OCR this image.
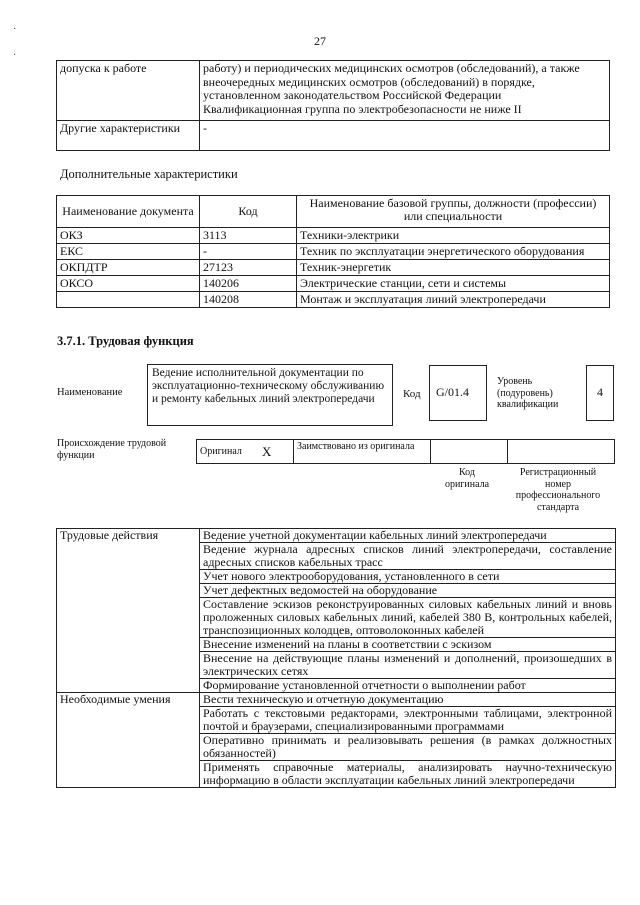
27
·
·
допуска к работе	работу) и периодических медицинских осмотров (обследований), а также внеочередных медицинских осмотров (обследований) в порядке, установленном законодательством Российской Федерации
Квалификационная группа по электробезопасности не ниже II
Другие характеристики	-
Дополнительные характеристики
Наименование документа	Код	Наименование базовой группы, должности (профессии) или специальности
ОКЗ	3113	Техники-электрики
ЕКС	-	Техник по эксплуатации энергетического оборудования
ОКПДТР	27123	Техник-энергетик
ОКСО	140206	Электрические станции, сети и системы
	140208	Монтаж и эксплуатация линий электропередачи
3.7.1. Трудовая функция
Наименование
Ведение исполнительной документации по эксплуатационно-техническому обслуживанию и ремонту кабельных линий электропередачи	Код	G/01.4
Уровень (подуровень) квалификации
4
Происхождение трудовой функции	Оригинал	X	Заимствовано из оригинала		
Код оригинала
Регистрационный номер профессионального стандарта
Трудовые действия	Ведение учетной документации кабельных линий электропередачи
	Ведение журнала адресных списков линий электропередачи, составление адресных списков кабельных трасс
	Учет нового электрооборудования, установленного в сети
	Учет дефектных ведомостей на оборудование
	Составление эскизов реконструированных силовых кабельных линий и вновь проложенных силовых кабельных линий, кабелей 380 В, контрольных кабелей, транспозиционных колодцев, оптоволоконных кабелей
	Внесение изменений на планы в соответствии с эскизом
	Внесение на действующие планы изменений и дополнений, произошедших в электрических сетях
	Формирование установленной отчетности о выполнении работ
Необходимые умения	Вести техническую и отчетную документацию
	Работать с текстовыми редакторами, электронными таблицами, электронной почтой и браузерами, специализированными программами
	Оперативно принимать и реализовывать решения (в рамках должностных обязанностей)
	Применять справочные материалы, анализировать научно-техническую информацию в области эксплуатации кабельных линий электропередачи
